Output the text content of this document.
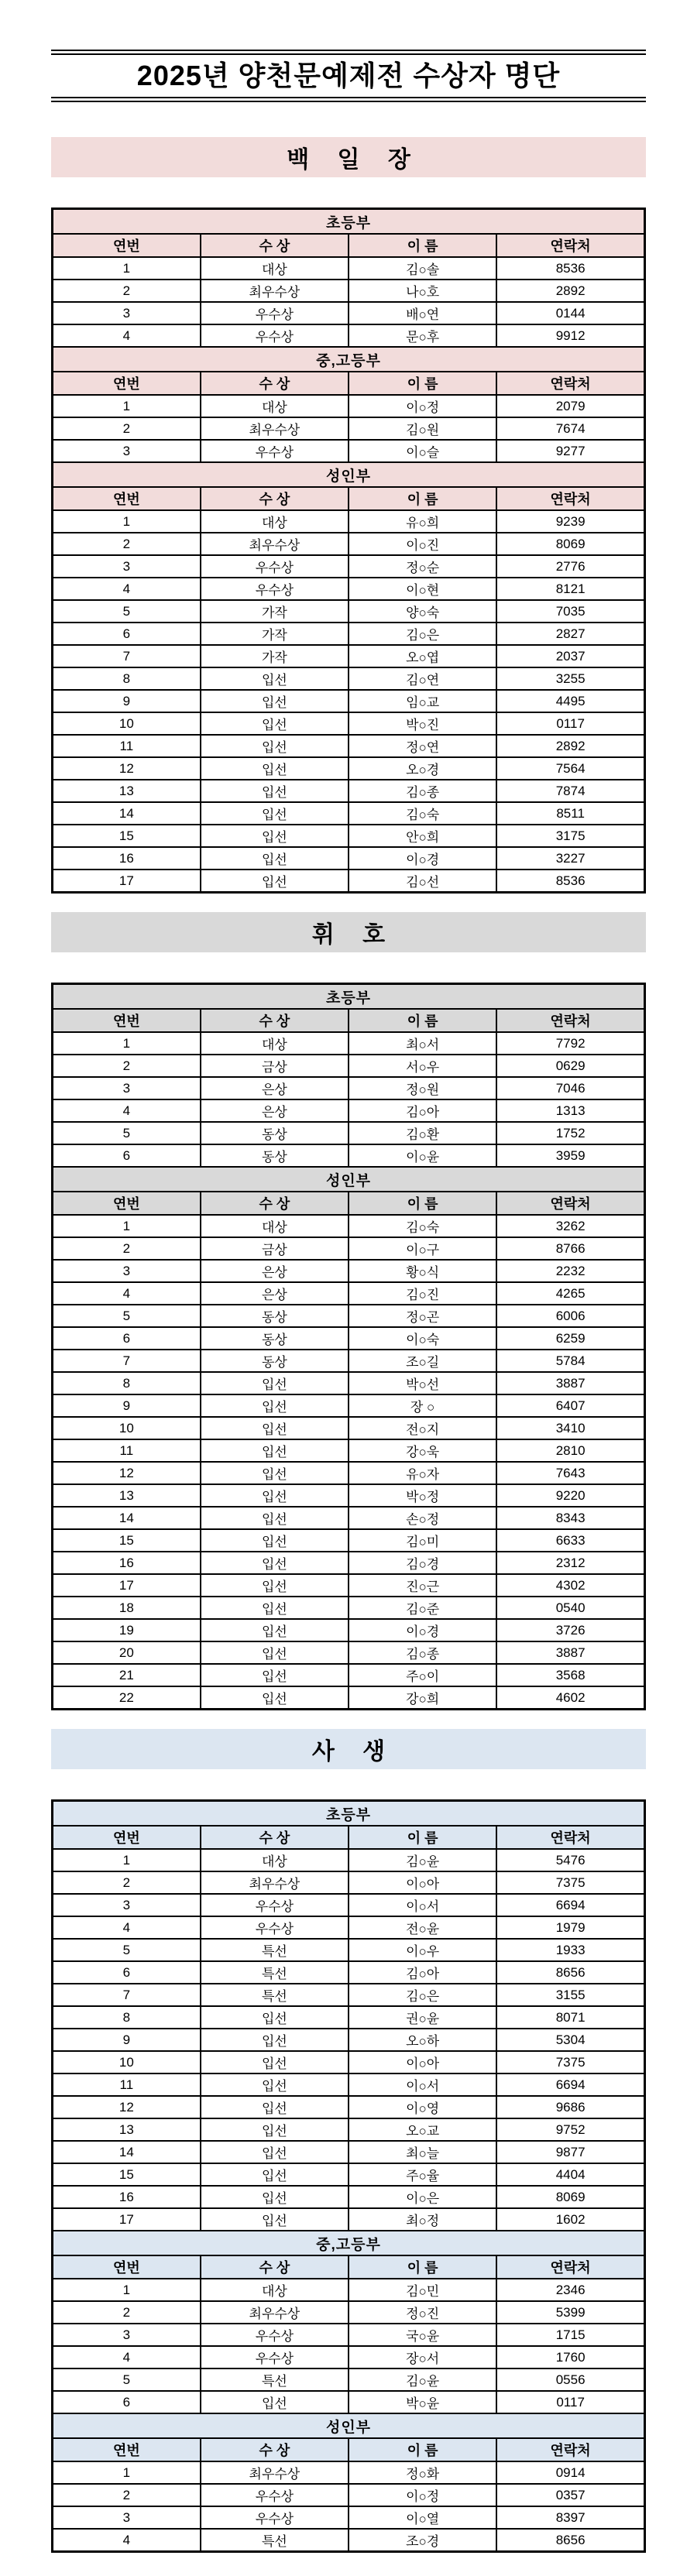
2025년 양천문예제전 수상자 명단
백 일 장
초등부			
연번	수 상	이 름	연락처
1	대상	김○솔	8536
2	최우수상	나○호	2892
3	우수상	배○연	0144
4	우수상	문○후	9912
중,고등부			
연번	수 상	이 름	연락처
1	대상	이○정	2079
2	최우수상	김○원	7674
3	우수상	이○슬	9277
성인부			
연번	수 상	이 름	연락처
1	대상	유○희	9239
2	최우수상	이○진	8069
3	우수상	정○순	2776
4	우수상	이○현	8121
5	가작	양○숙	7035
6	가작	김○은	2827
7	가작	오○엽	2037
8	입선	김○연	3255
9	입선	임○교	4495
10	입선	박○진	0117
11	입선	정○연	2892
12	입선	오○경	7564
13	입선	김○종	7874
14	입선	김○숙	8511
15	입선	안○희	3175
16	입선	이○경	3227
17	입선	김○선	8536
휘 호
초등부			
연번	수 상	이 름	연락처
1	대상	최○서	7792
2	금상	서○우	0629
3	은상	정○원	7046
4	은상	김○아	1313
5	동상	김○환	1752
6	동상	이○윤	3959
성인부			
연번	수 상	이 름	연락처
1	대상	김○숙	3262
2	금상	이○구	8766
3	은상	황○식	2232
4	은상	김○진	4265
5	동상	정○곤	6006
6	동상	이○숙	6259
7	동상	조○길	5784
8	입선	박○선	3887
9	입선	장 ○	6407
10	입선	전○지	3410
11	입선	강○욱	2810
12	입선	유○자	7643
13	입선	박○정	9220
14	입선	손○정	8343
15	입선	김○미	6633
16	입선	김○경	2312
17	입선	진○근	4302
18	입선	김○준	0540
19	입선	이○경	3726
20	입선	김○종	3887
21	입선	주○이	3568
22	입선	강○희	4602
사 생
초등부			
연번	수 상	이 름	연락처
1	대상	김○윤	5476
2	최우수상	이○아	7375
3	우수상	이○서	6694
4	우수상	전○윤	1979
5	특선	이○우	1933
6	특선	김○아	8656
7	특선	김○은	3155
8	입선	권○윤	8071
9	입선	오○하	5304
10	입선	이○아	7375
11	입선	이○서	6694
12	입선	이○영	9686
13	입선	오○교	9752
14	입선	최○늘	9877
15	입선	주○율	4404
16	입선	이○은	8069
17	입선	최○정	1602
중,고등부			
연번	수 상	이 름	연락처
1	대상	김○민	2346
2	최우수상	정○진	5399
3	우수상	국○윤	1715
4	우수상	장○서	1760
5	특선	김○윤	0556
6	입선	박○윤	0117
성인부			
연번	수 상	이 름	연락처
1	최우수상	정○화	0914
2	우수상	이○정	0357
3	우수상	이○열	8397
4	특선	조○경	8656
